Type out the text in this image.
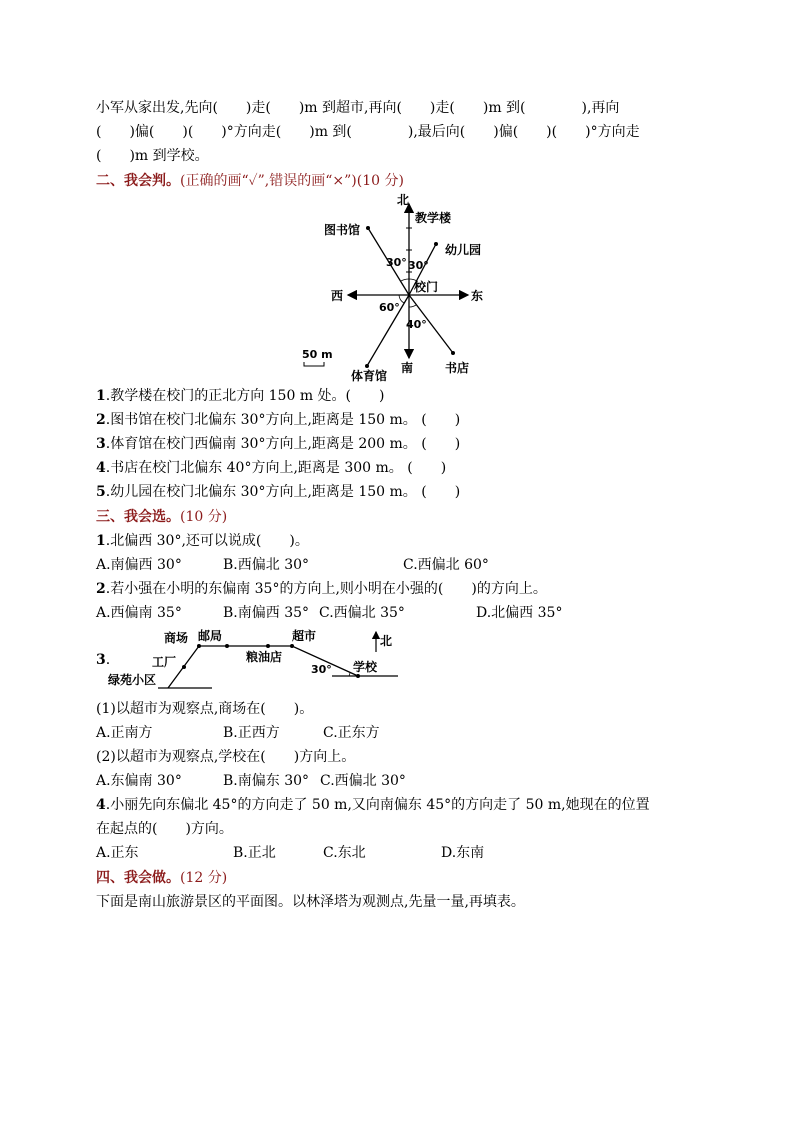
小军从家出发,先向(　　)走(　　)m 到超市,再向(　　)走(　　)m 到(　　　　),再向
(　　)偏(　　)(　　)°方向走(　　)m 到(　　　　),最后向(　　)偏(　　)(　　)°方向走
(　　)m 到学校。
二、我会判。(正确的画“✓”,错误的画“×”)(10 分)
北
教学楼
图书馆
幼儿园
30° 30°
校门
西	东
60°
40°
南	书店
体育馆
50 m
1.教学楼在校门的正北方向 150 m 处。(　　)
2.图书馆在校门北偏东 30°方向上,距离是 150 m。 (　　)
3.体育馆在校门西偏南 30°方向上,距离是 200 m。 (　　)
4.书店在校门北偏东 40°方向上,距离是 300 m。 (　　)
5.幼儿园在校门北偏东 30°方向上,距离是 150 m。 (　　)
三、我会选。(10 分)
1.北偏西 30°,还可以说成(　　)。
A.南偏西 30°	B.西偏北 30°	C.西偏北 60°
2.若小强在小明的东偏南 35°的方向上,则小明在小强的(　　)的方向上。
A.西偏南 35°	B.南偏西 35° C.西偏北 35°	D.北偏西 35°
3.
商场 邮局	超市
工厂	粮油店
学校
绿苑小区
北
30°
(1)以超市为观察点,商场在(　　)。
A.正南方	B.正西方	C.正东方
(2)以超市为观察点,学校在(　　)方向上。
A.东偏南 30°	B.南偏东 30° C.西偏北 30°
4.小丽先向东偏北 45°的方向走了 50 m,又向南偏东 45°的方向走了 50 m,她现在的位置
在起点的(　　)方向。
A.正东	B.正北	C.东北	D.东南
四、我会做。(12 分)
下面是南山旅游景区的平面图。以林泽塔为观测点,先量一量,再填表。
